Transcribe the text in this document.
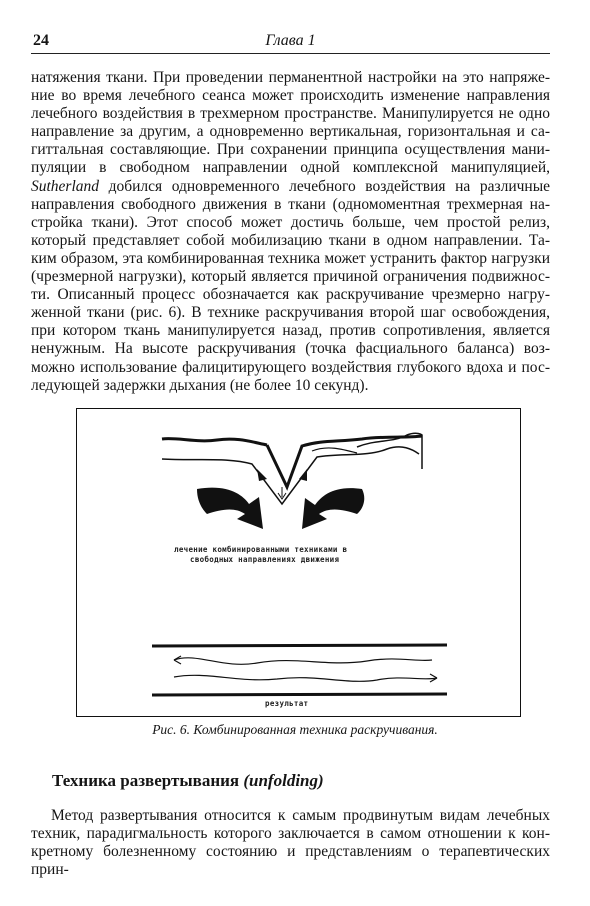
24	Глава 1
натяжения ткани. При проведении перманентной настройки на это напряже-
ние во время лечебного сеанса может происходить изменение направления
лечебного воздействия в трехмерном пространстве. Манипулируется не одно
направление за другим, а одновременно вертикальная, горизонтальная и са-
гиттальная составляющие. При сохранении принципа осуществления мани-
пуляции в свободном направлении одной комплексной манипуляцией,
Sutherland добился одновременного лечебного воздействия на различные
направления свободного движения в ткани (одномоментная трехмерная на-
стройка ткани). Этот способ может достичь больше, чем простой релиз,
который представляет собой мобилизацию ткани в одном направлении. Та-
ким образом, эта комбинированная техника может устранить фактор нагрузки
(чрезмерной нагрузки), который является причиной ограничения подвижнос-
ти. Описанный процесс обозначается как раскручивание чрезмерно нагру-
женной ткани (рис. 6). В технике раскручивания второй шаг освобождения,
при котором ткань манипулируется назад, против сопротивления, является
ненужным. На высоте раскручивания (точка фасциального баланса) воз-
можно использование фалицитирующего воздействия глубокого вдоха и пос-
ледующей задержки дыхания (не более 10 секунд).
лечение комбинированными техниками в
свободных направлениях движения
результат
Рис. 6. Комбинированная техника раскручивания.
Техника развертывания (unfolding)
Метод развертывания относится к самым продвинутым видам лечебных
техник, парадигмальность которого заключается в самом отношении к кон-
кретному болезненному состоянию и представлениям о терапевтических прин-
